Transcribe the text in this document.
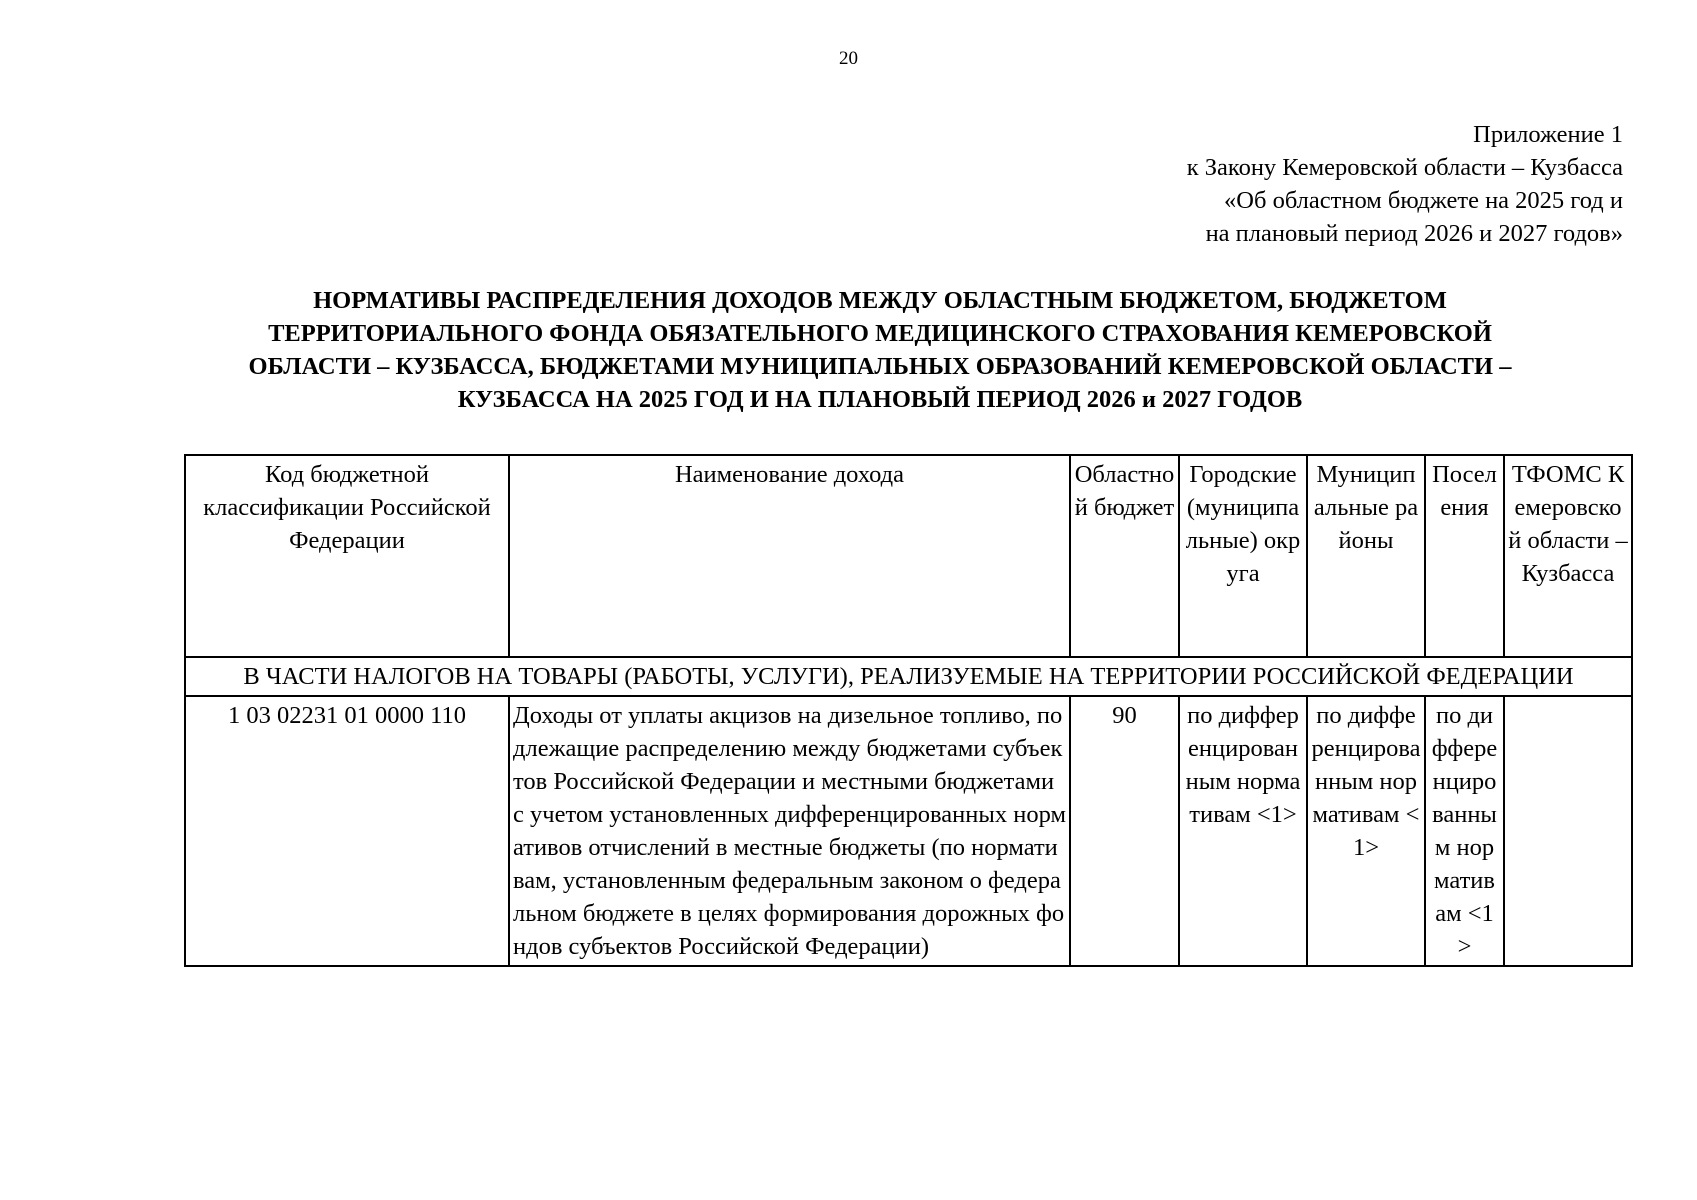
20
Приложение 1
к Закону Кемеровской области – Кузбасса
«Об областном бюджете на 2025 год и
на плановый период 2026 и 2027 годов»
НОРМАТИВЫ РАСПРЕДЕЛЕНИЯ ДОХОДОВ МЕЖДУ ОБЛАСТНЫМ БЮДЖЕТОМ, БЮДЖЕТОМ
ТЕРРИТОРИАЛЬНОГО ФОНДА ОБЯЗАТЕЛЬНОГО МЕДИЦИНСКОГО СТРАХОВАНИЯ КЕМЕРОВСКОЙ
ОБЛАСТИ – КУЗБАССА, БЮДЖЕТАМИ МУНИЦИПАЛЬНЫХ ОБРАЗОВАНИЙ КЕМЕРОВСКОЙ ОБЛАСТИ –
КУЗБАССА НА 2025 ГОД И НА ПЛАНОВЫЙ ПЕРИОД 2026 и 2027 ГОДОВ
Код бюджетной классификации Российской Федерации	Наименование дохода	Областной бюджет	Городские (муниципальные) округа	Муниципальные районы	Поселения	ТФОМС Кемеровской области – Кузбасса
В ЧАСТИ НАЛОГОВ НА ТОВАРЫ (РАБОТЫ, УСЛУГИ), РЕАЛИЗУЕМЫЕ НА ТЕРРИТОРИИ РОССИЙСКОЙ ФЕДЕРАЦИИ						
1 03 02231 01 0000 110	Доходы от уплаты акцизов на дизельное топливо, подлежащие распределению между бюджетами субъектов Российской Федерации и местными бюджетами с учетом установленных дифференцированных нормативов отчислений в местные бюджеты (по нормативам, установленным федеральным законом о федеральном бюджете в целях формирования дорожных фондов субъектов Российской Федерации)	90	по дифференцированным нормативам <1>	по дифференцированным нормативам <1>	по дифференцированным нормативам <1>	
